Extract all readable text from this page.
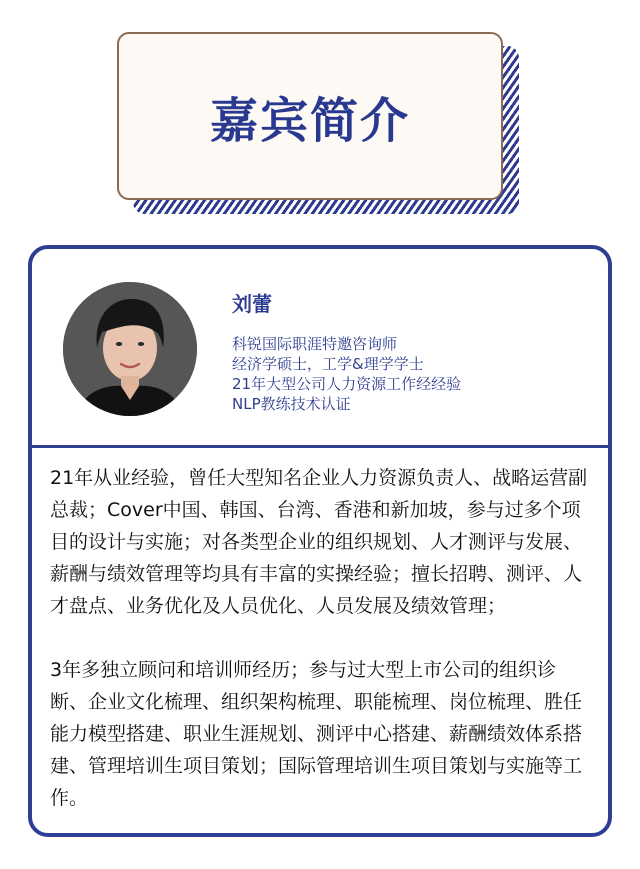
嘉宾简介
刘蕾
科锐国际职涯特邀咨询师
经济学硕士，工学&理学学士
21年大型公司人力资源工作经经验
NLP教练技术认证

21年从业经验，曾任大型知名企业人力资源负责人、战略运营副总裁；Cover中国、韩国、台湾、香港和新加坡，参与过多个项目的设计与实施；对各类型企业的组织规划、人才测评与发展、薪酬与绩效管理等均具有丰富的实操经验；擅长招聘、测评、人才盘点、业务优化及人员优化、人员发展及绩效管理；

3年多独立顾问和培训师经历；参与过大型上市公司的组织诊断、企业文化梳理、组织架构梳理、职能梳理、岗位梳理、胜任能力模型搭建、职业生涯规划、测评中心搭建、薪酬绩效体系搭建、管理培训生项目策划；国际管理培训生项目策划与实施等工作。
